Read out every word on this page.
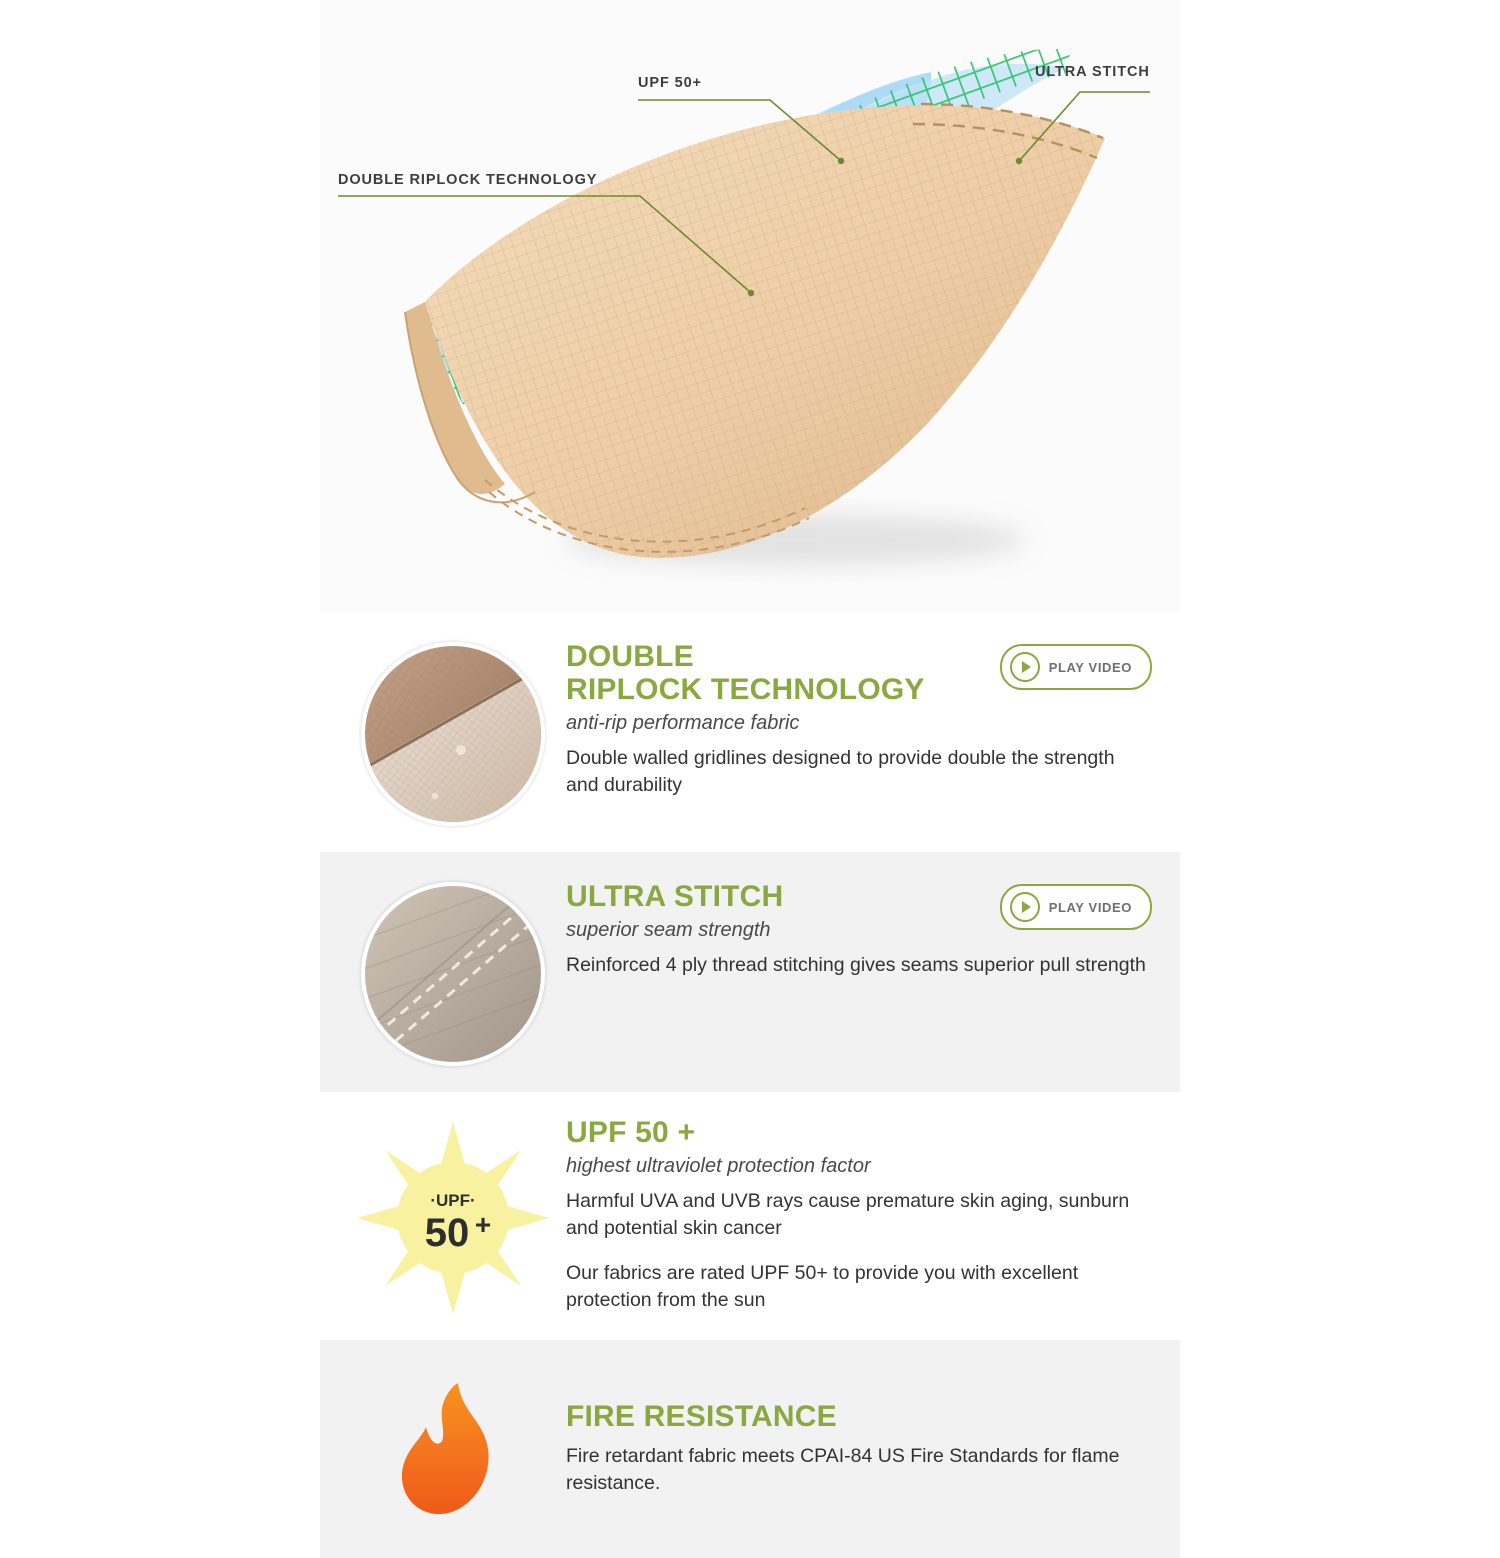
UPF 50+
ULTRA STITCH
DOUBLE RIPLOCK TECHNOLOGY
DOUBLE
RIPLOCK TECHNOLOGY

anti-rip performance fabric

Double walled gridlines designed to provide double the strength and durability

PLAY VIDEO
ULTRA STITCH

superior seam strength

Reinforced 4 ply thread stitching gives seams superior pull strength

PLAY VIDEO
·UPF·
50 +
UPF 50 +

highest ultraviolet protection factor

Harmful UVA and UVB rays cause premature skin aging, sunburn and potential skin cancer

Our fabrics are rated UPF 50+ to provide you with excellent protection from the sun

FIRE RESISTANCE

Fire retardant fabric meets CPAI-84 US Fire Standards for flame resistance.
